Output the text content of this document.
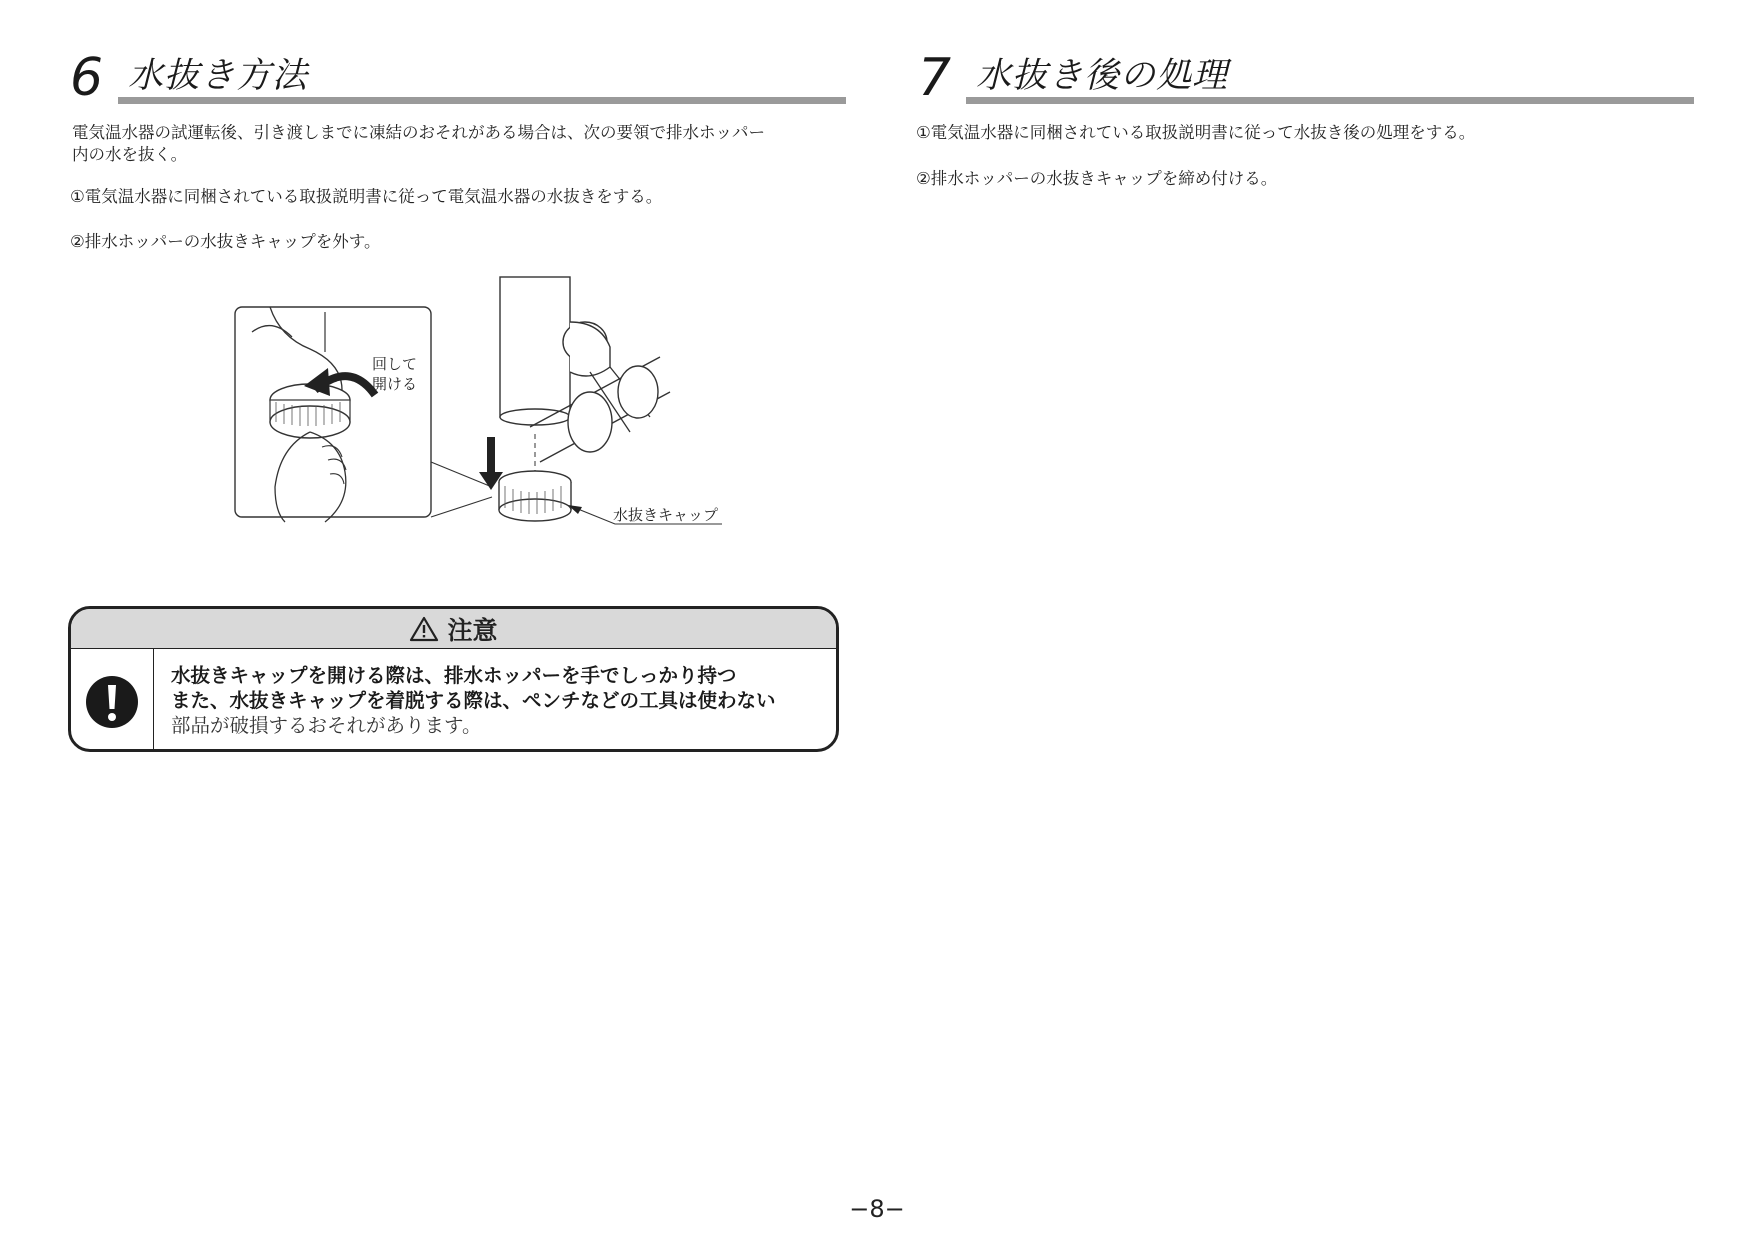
6 水抜き方法
電気温水器の試運転後、引き渡しまでに凍結のおそれがある場合は、次の要領で排水ホッパー
内の水を抜く。
①電気温水器に同梱されている取扱説明書に従って電気温水器の水抜きをする。
②排水ホッパーの水抜きキャップを外す。
回して
開ける
水抜きキャップ
注意
水抜きキャップを開ける際は、排水ホッパーを手でしっかり持つ
また、水抜きキャップを着脱する際は、ペンチなどの工具は使わない
部品が破損するおそれがあります。
7 水抜き後の処理
①電気温水器に同梱されている取扱説明書に従って水抜き後の処理をする。
②排水ホッパーの水抜きキャップを締め付ける。
−8−
